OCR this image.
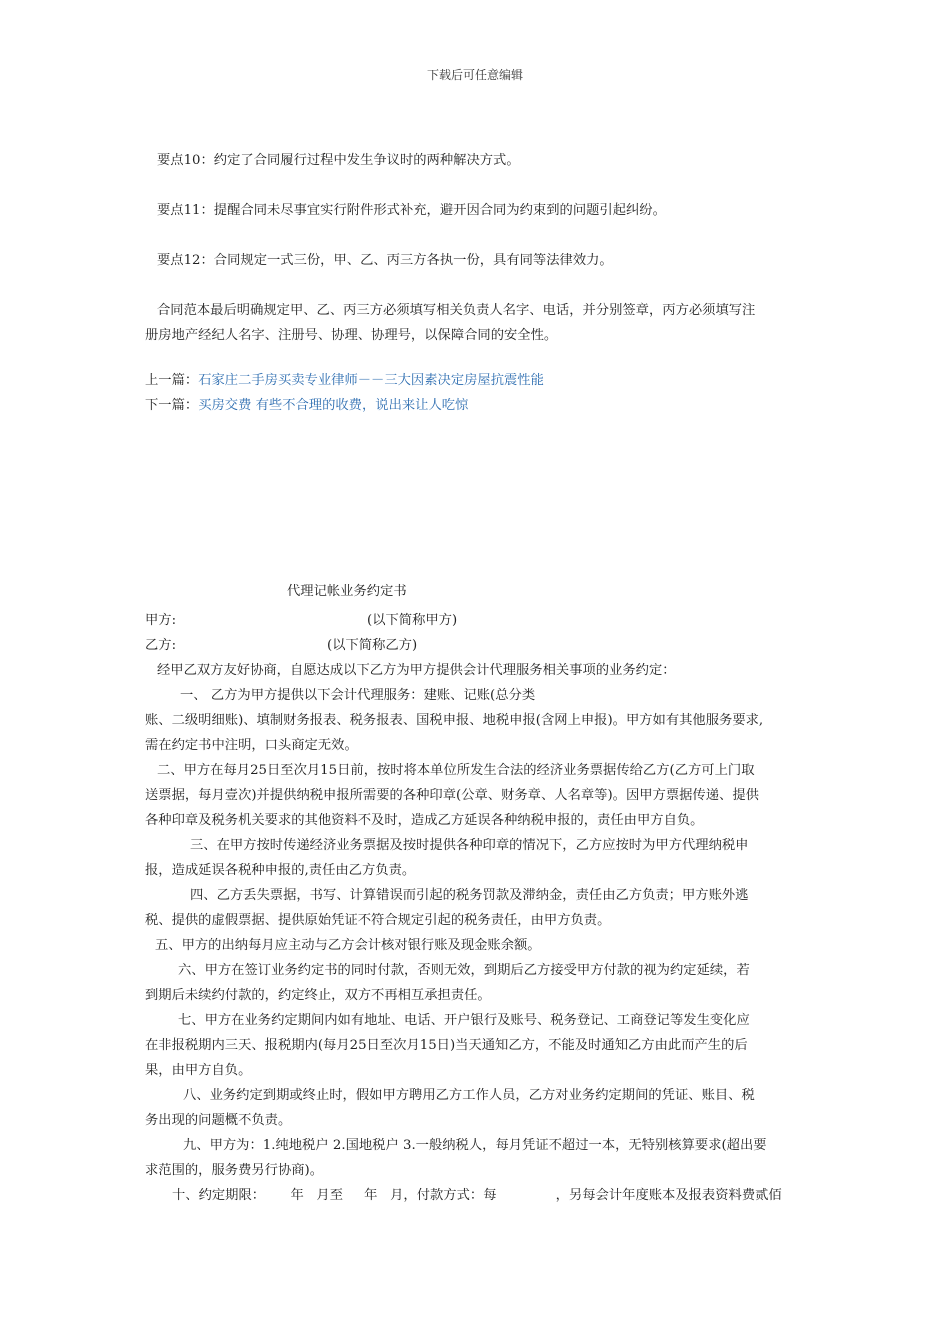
下载后可任意编辑
要点10：约定了合同履行过程中发生争议时的两种解决方式。
要点11：提醒合同未尽事宜实行附件形式补充，避开因合同为约束到的问题引起纠纷。
要点12：合同规定一式三份，甲、乙、丙三方各执一份，具有同等法律效力。
合同范本最后明确规定甲、乙、丙三方必须填写相关负责人名字、电话，并分别签章，丙方必须填写注
册房地产经纪人名字、注册号、协理、协理号，以保障合同的安全性。
上一篇：石家庄二手房买卖专业律师－－三大因素决定房屋抗震性能
下一篇：买房交费 有些不合理的收费，说出来让人吃惊
代理记帐业务约定书
甲方:	(以下简称甲方)
乙方:	(以下简称乙方)
经甲乙双方友好协商，自愿达成以下乙方为甲方提供会计代理服务相关事项的业务约定：
一、 乙方为甲方提供以下会计代理服务：建账、记账(总分类
账、二级明细账)、填制财务报表、税务报表、国税申报、地税申报(含网上申报)。甲方如有其他服务要求,
需在约定书中注明，口头商定无效。
二、甲方在每月25日至次月15日前，按时将本单位所发生合法的经济业务票据传给乙方(乙方可上门取
送票据，每月壹次)并提供纳税申报所需要的各种印章(公章、财务章、人名章等)。因甲方票据传递、提供
各种印章及税务机关要求的其他资料不及时，造成乙方延误各种纳税申报的，责任由甲方自负。
三、在甲方按时传递经济业务票据及按时提供各种印章的情况下，乙方应按时为甲方代理纳税申
报，造成延误各税种申报的,责任由乙方负责。
四、乙方丢失票据，书写、计算错误而引起的税务罚款及滞纳金，责任由乙方负责；甲方账外逃
税、提供的虚假票据、提供原始凭证不符合规定引起的税务责任，由甲方负责。
五、甲方的出纳每月应主动与乙方会计核对银行账及现金账余额。
六、甲方在签订业务约定书的同时付款，否则无效，到期后乙方接受甲方付款的视为约定延续，若
到期后未续约付款的，约定终止，双方不再相互承担责任。
七、甲方在业务约定期间内如有地址、电话、开户银行及账号、税务登记、工商登记等发生变化应
在非报税期内三天、报税期内(每月25日至次月15日)当天通知乙方，不能及时通知乙方由此而产生的后
果，由甲方自负。
八、业务约定到期或终止时，假如甲方聘用乙方工作人员，乙方对业务约定期间的凭证、账目、税
务出现的问题概不负责。
九、甲方为：1.纯地税户 2.国地税户 3.一般纳税人，每月凭证不超过一本，无特别核算要求(超出要
求范围的，服务费另行协商)。
十、约定期限：      年   月至     年   月，付款方式：每              ，另每会计年度账本及报表资料费贰佰
